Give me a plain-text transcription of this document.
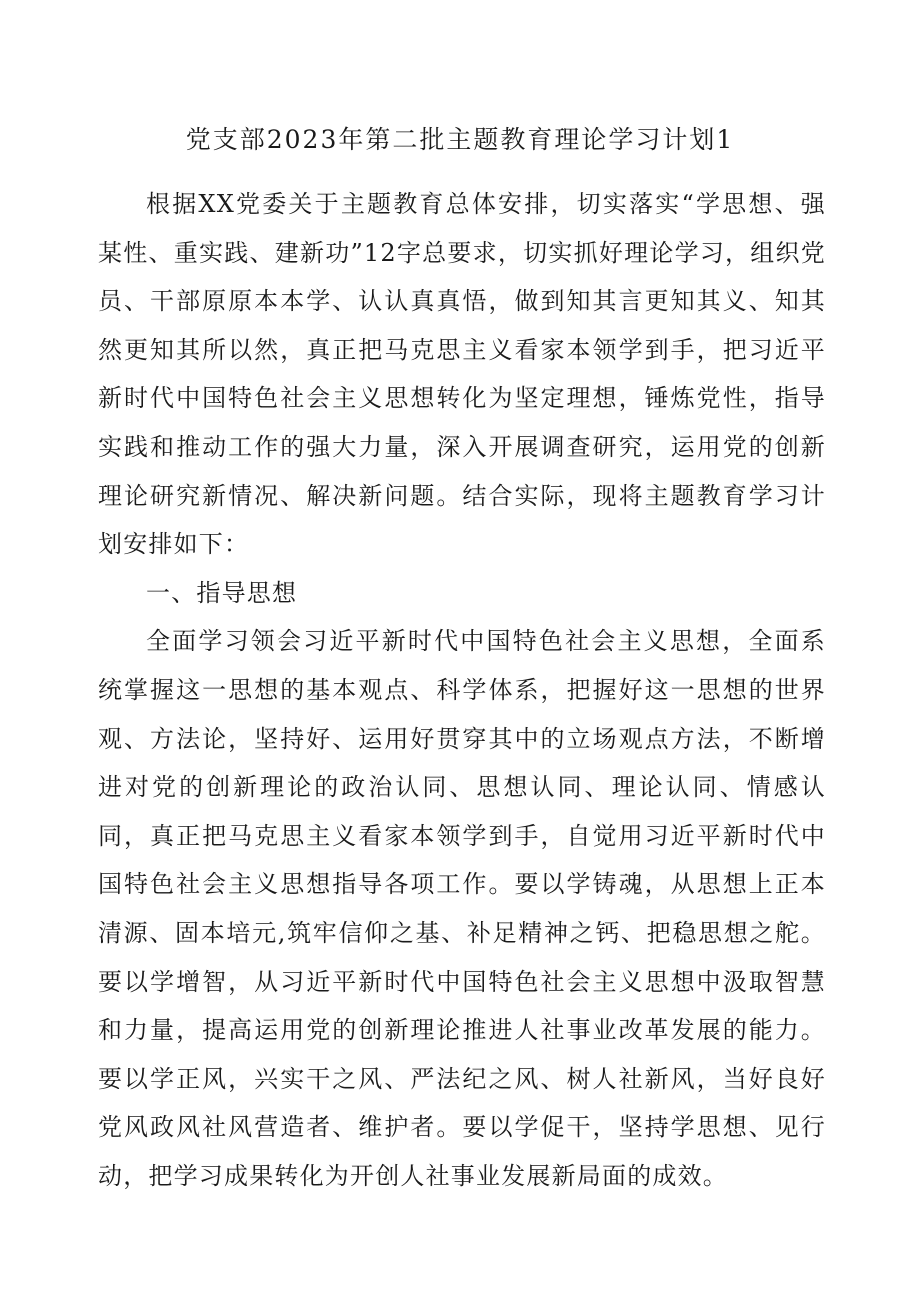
党支部2023年第二批主题教育理论学习计划1

根据XX党委关于主题教育总体安排，切实落实“学思想、强某性、重实践、建新功”12字总要求，切实抓好理论学习，组织党员、干部原原本本学、认认真真悟，做到知其言更知其义、知其然更知其所以然，真正把马克思主义看家本领学到手，把习近平新时代中国特色社会主义思想转化为坚定理想，锤炼党性，指导实践和推动工作的强大力量，深入开展调查研究，运用党的创新理论研究新情况、解决新问题。结合实际，现将主题教育学习计划安排如下：

一、指导思想

全面学习领会习近平新时代中国特色社会主义思想，全面系统掌握这一思想的基本观点、科学体系，把握好这一思想的世界观、方法论，坚持好、运用好贯穿其中的立场观点方法，不断增进对党的创新理论的政治认同、思想认同、理论认同、情感认同，真正把马克思主义看家本领学到手，自觉用习近平新时代中国特色社会主义思想指导各项工作。要以学铸魂，从思想上正本清源、固本培元,筑牢信仰之基、补足精神之钙、把稳思想之舵。要以学增智，从习近平新时代中国特色社会主义思想中汲取智慧和力量，提高运用党的创新理论推进人社事业改革发展的能力。要以学正风，兴实干之风、严法纪之风、树人社新风，当好良好党风政风社风营造者、维护者。要以学促干，坚持学思想、见行动，把学习成果转化为开创人社事业发展新局面的成效。
